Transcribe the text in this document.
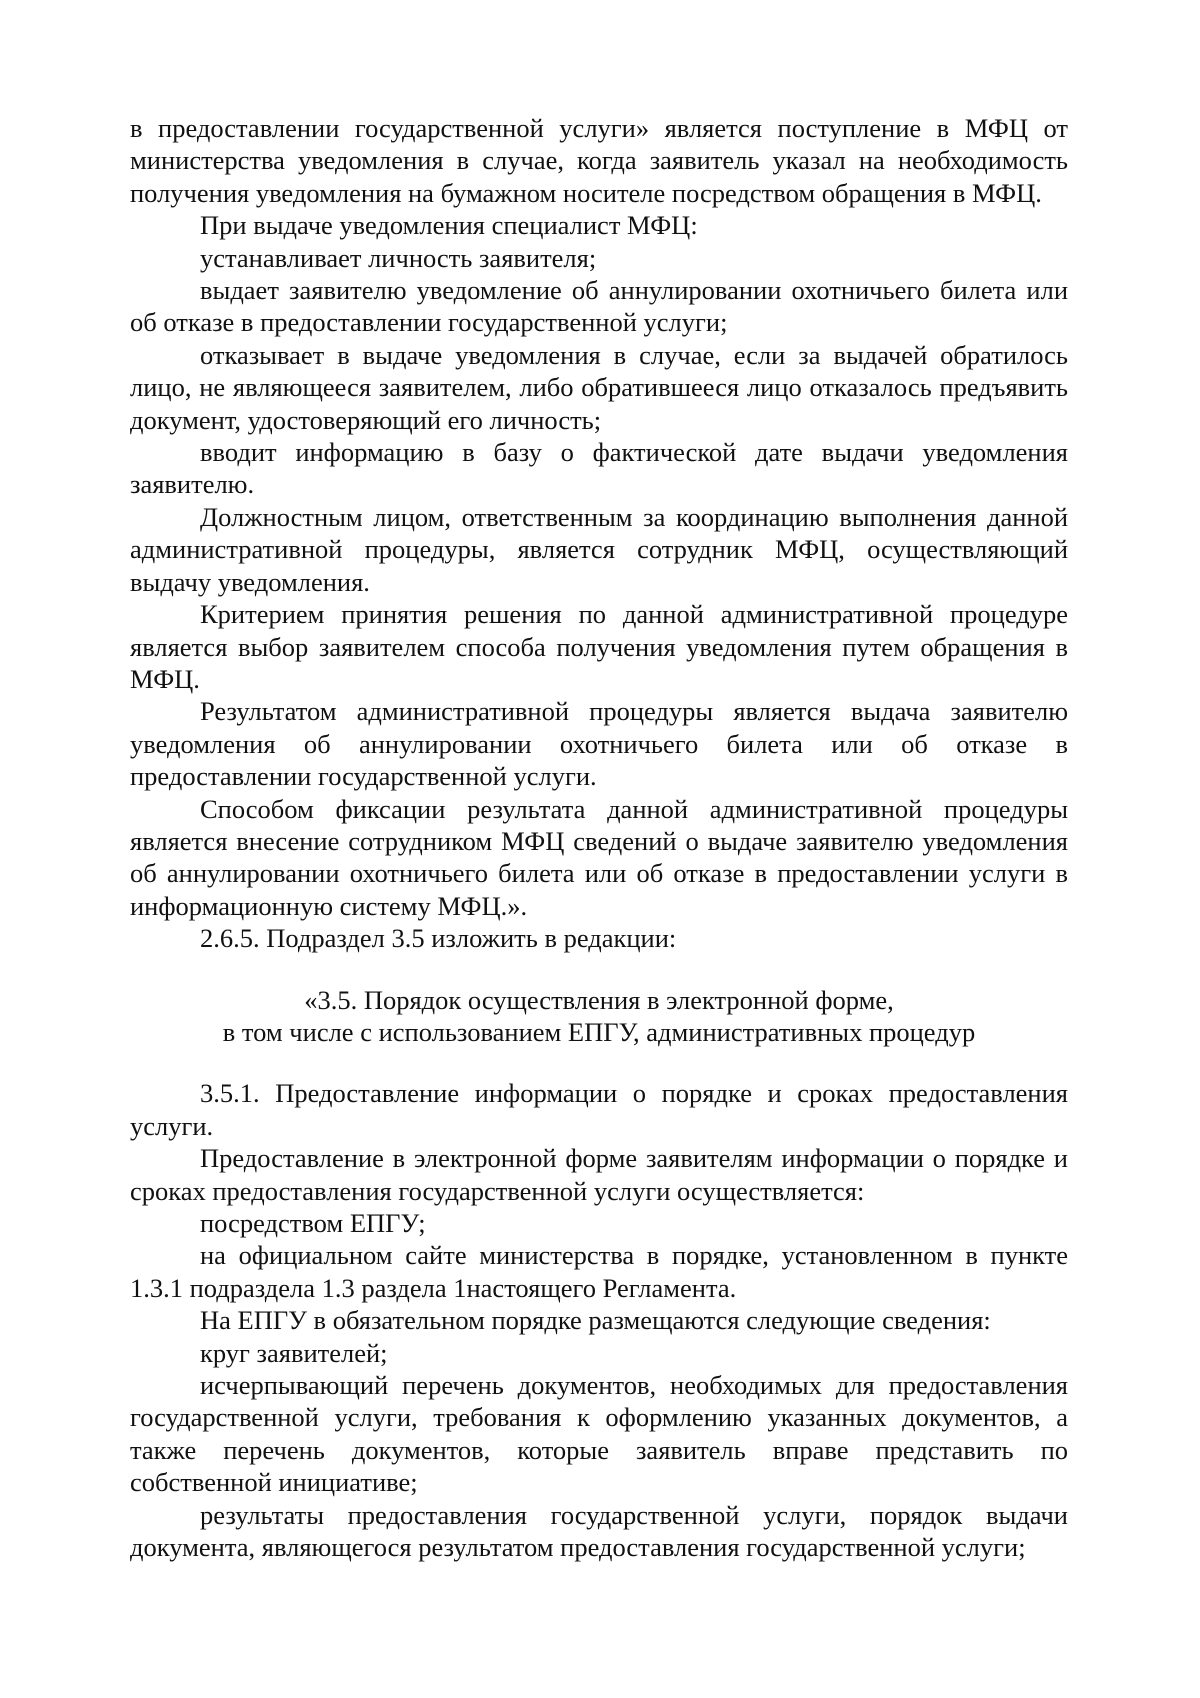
в предоставлении государственной услуги» является поступление в МФЦ от министерства уведомления в случае, когда заявитель указал на необходимость получения уведомления на бумажном носителе посредством обращения в МФЦ.

При выдаче уведомления специалист МФЦ:

устанавливает личность заявителя;

выдает заявителю уведомление об аннулировании охотничьего билета или об отказе в предоставлении государственной услуги;

отказывает в выдаче уведомления в случае, если за выдачей обратилось лицо, не являющееся заявителем, либо обратившееся лицо отказалось предъявить документ, удостоверяющий его личность;

вводит информацию в базу о фактической дате выдачи уведомления заявителю.

Должностным лицом, ответственным за координацию выполнения данной административной процедуры, является сотрудник МФЦ, осуществляющий выдачу уведомления.

Критерием принятия решения по данной административной процедуре является выбор заявителем способа получения уведомления путем обращения в МФЦ.

Результатом административной процедуры является выдача заявителю уведомления об аннулировании охотничьего билета или об отказе в предоставлении государственной услуги.

Способом фиксации результата данной административной процедуры является внесение сотрудником МФЦ сведений о выдаче заявителю уведомления об аннулировании охотничьего билета или об отказе в предоставлении услуги в информационную систему МФЦ.».

2.6.5. Подраздел 3.5 изложить в редакции:

«3.5. Порядок осуществления в электронной форме,

в том числе с использованием ЕПГУ, административных процедур

3.5.1. Предоставление информации о порядке и сроках предоставления услуги.

Предоставление в электронной форме заявителям информации о порядке и сроках предоставления государственной услуги осуществляется:

посредством ЕПГУ;

на официальном сайте министерства в порядке, установленном в пункте 1.3.1 подраздела 1.3 раздела 1настоящего Регламента.

На ЕПГУ в обязательном порядке размещаются следующие сведения:

круг заявителей;

исчерпывающий перечень документов, необходимых для предоставления государственной услуги, требования к оформлению указанных документов, а также перечень документов, которые заявитель вправе представить по собственной инициативе;

результаты предоставления государственной услуги, порядок выдачи документа, являющегося результатом предоставления государственной услуги;
